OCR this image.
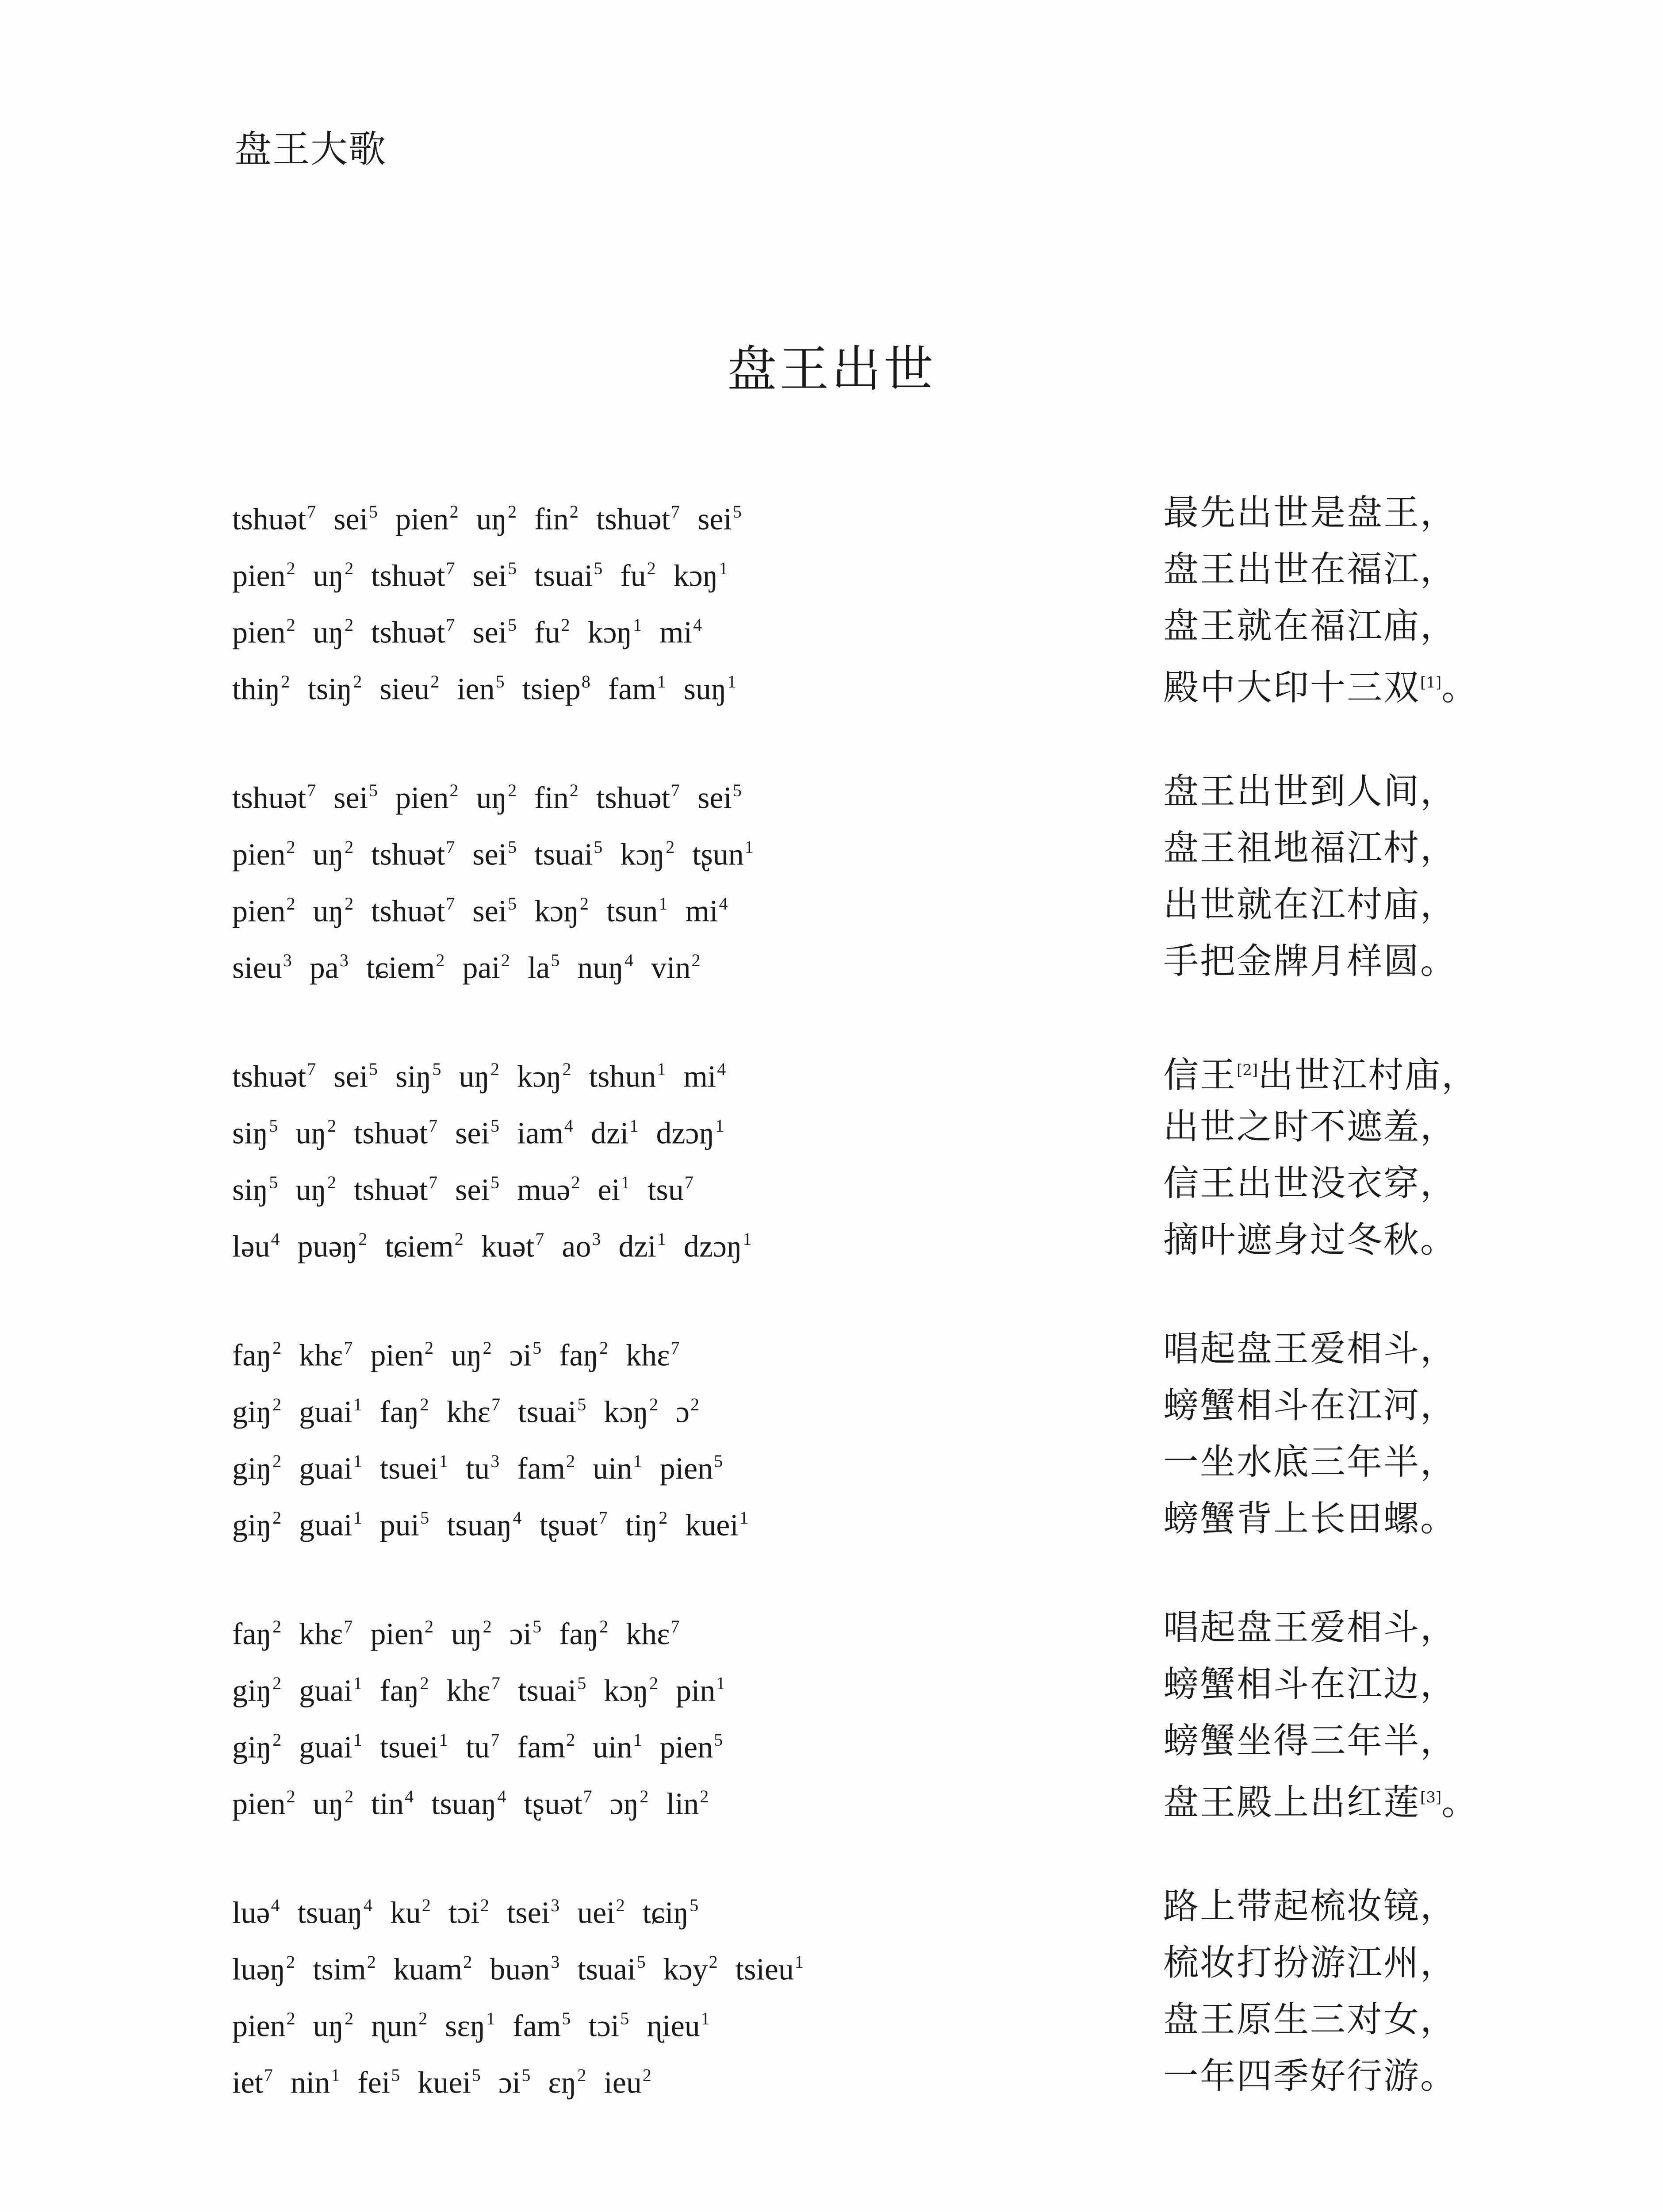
盘王大歌
盘王出世
tshuət$^7$ sei$^5$ pien$^2$ $uŋ^2$ fin$^2$ tshuət$^7$ sei$^5$	最先出世是盘王，
pien$^2$ $uŋ^2$ tshuət$^7$ sei$^5$ tsuai$^5$ $fu^2$ kɔŋ$^1$	盘王出世在福江，
pien$^2$ $uŋ^2$ tshuət$^7$ sei$^5$ $fu^2$ kɔŋ$^1$ $mi^4$	盘王就在福江庙，
thiŋ$^2$ tsiŋ$^2$ sieu$^2$ ien$^5$ tsiep$^8$ fam$^1$ suŋ$^1$	殿中大印十三双[1]。
tshuət$^7$ sei$^5$ pien$^2$ $uŋ^2$ fin$^2$ tshuət$^7$ sei$^5$	盘王出世到人间，
pien$^2$ $uŋ^2$ tshuət$^7$ sei$^5$ tsuai$^5$ kɔŋ$^2$ tʂun$^1$	盘王祖地福江村，
pien$^2$ $uŋ^2$ tshuət$^7$ sei$^5$ kɔŋ$^2$ tsun$^1$ $mi^4$	出世就在江村庙，
sieu$^3$ $pa^3$ tɕiem$^2$ pai$^2$ $la^5$ nuŋ$^4$ vin$^2$	手把金牌月样圆。
tshuət$^7$ sei$^5$ siŋ$^5$ $uŋ^2$ kɔŋ$^2$ tshun$^1$ $mi^4$	信王[2]出世江村庙，
siŋ$^5$ $uŋ^2$ tshuət$^7$ sei$^5$ iam$^4$ dzi$^1$ dzɔŋ$^1$	出世之时不遮羞，
siŋ$^5$ $uŋ^2$ tshuət$^7$ sei$^5$ muə$^2$ $ei^1$ tsu$^7$	信王出世没衣穿，
ləu$^4$ puəŋ$^2$ tɕiem$^2$ kuət$^7$ $ao^3$ dzi$^1$ dzɔŋ$^1$	摘叶遮身过冬秋。
faŋ$^2$ khɛ$^7$ pien$^2$ $uŋ^2$ ɔi$^5$ faŋ$^2$ khɛ$^7$	唱起盘王爱相斗，
giŋ$^2$ guai$^1$ faŋ$^2$ khɛ$^7$ tsuai$^5$ kɔŋ$^2$ ɔ$^2$	螃蟹相斗在江河，
giŋ$^2$ guai$^1$ tsuei$^1$ $tu^3$ fam$^2$ uin$^1$ pien$^5$	一坐水底三年半，
giŋ$^2$ guai$^1$ pui$^5$ tsuaŋ$^4$ tʂuət$^7$ tiŋ$^2$ kuei$^1$	螃蟹背上长田螺。
faŋ$^2$ khɛ$^7$ pien$^2$ $uŋ^2$ ɔi$^5$ faŋ$^2$ khɛ$^7$	唱起盘王爱相斗，
giŋ$^2$ guai$^1$ faŋ$^2$ khɛ$^7$ tsuai$^5$ kɔŋ$^2$ pin$^1$	螃蟹相斗在江边，
giŋ$^2$ guai$^1$ tsuei$^1$ $tu^7$ fam$^2$ uin$^1$ pien$^5$	螃蟹坐得三年半，
pien$^2$ $uŋ^2$ tin$^4$ tsuaŋ$^4$ tʂuət$^7$ ɔŋ$^2$ lin$^2$	盘王殿上出红莲[3]。
luə$^4$ tsuaŋ$^4$ $ku^2$ tɔi$^2$ tsei$^3$ uei$^2$ tɕiŋ$^5$	路上带起梳妆镜，
luəŋ$^2$ tsim$^2$ kuam$^2$ buən$^3$ tsuai$^5$ kɔy$^2$ tsieu$^1$	梳妆打扮游江州，
pien$^2$ $uŋ^2$ ɳun$^2$ sɛŋ$^1$ fam$^5$ tɔi$^5$ ɳieu$^1$	盘王原生三对女，
iet$^7$ nin$^1$ fei$^5$ kuei$^5$ ɔi$^5$ ɛŋ$^2$ ieu$^2$	一年四季好行游。
